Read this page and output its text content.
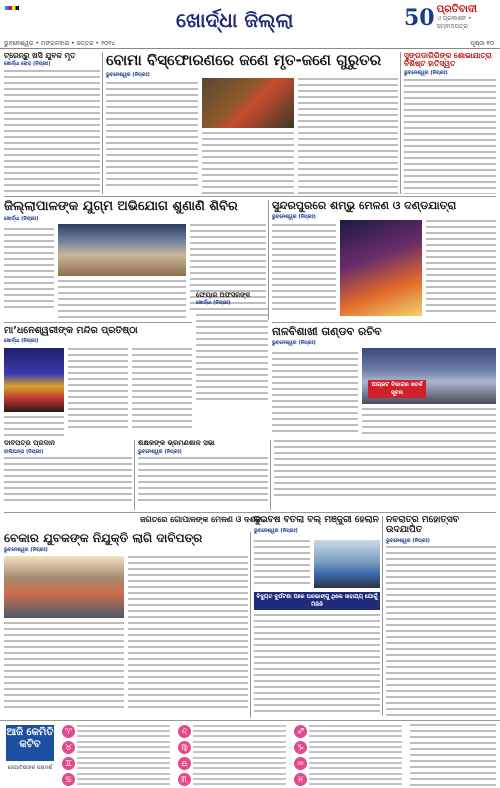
ଖୋର୍ଦ୍ଧା ଜିଲ୍ଲା	50 ପ୍ରତିବାଦୀ
ଏ ପ୍ରକାଶନ • ସମ୍ବାଦପତ୍ର
ଭୁବନେଶ୍ୱର • ମଙ୍ଗଳବାର • ସତ୍ତର • ୨୦୨୪	ପୃଷ୍ଠା ୧୦
ଟ୍ରେନ୍‌ରୁ ଖସି ଯୁବକ ମୃତ
ଖୋର୍ଦ୍ଧା ରୋଡ଼ (ନିପ୍ରଃ)	ବୋମା ବିସ୍ଫୋରଣରେ ଜଣେ ମୃତ-ଜଣେ ଗୁରୁତର
ଭୁବନେଶ୍ୱର (ନିପ୍ରଃ)
ସୁଙ୍ଗଡାଗିରିଙ୍କ ଶୋଭାଯାତ୍ରା ବିଶିଷ୍ଟ ହାତିସ୍ୱତ
ଭୁବନେଶ୍ୱର (ନିପ୍ରଃ)
ଜିଲ୍ଲାପାଳଙ୍କ ଯୁଗ୍ମ ଅଭିଯୋଗ ଶୁଣାଣି ଶିବିର
ଖୋର୍ଦ୍ଧା (ନିପ୍ରଃ)
ସୁନ୍ଦରପୁରରେ ଶମ୍ଭୁ ମେଳଣ ଓ ଦଣ୍ଡଯାତ୍ରା
ଭୁବନେଶ୍ୱର (ନିପ୍ରଃ)
ଫେୟାର ଅଫିସରଙ୍କ
ଖୋର୍ଦ୍ଧା (ନିପ୍ରଃ)
ନାଳବିଶାଖୀ ତାଣ୍ଡବ ରଚିବ
ଭୁବନେଶ୍ୱର (ନିପ୍ରଃ)
ପାଗ୍ରଟ ବିଭାଗର ସତର୍କ ସୂଚନା
ମା’ଧନେଶ୍ୱରୀଙ୍କ ମନ୍ଦିର ପ୍ରତିଷ୍ଠା
ଖୋର୍ଦ୍ଧା (ନିପ୍ରଃ)
ଦାବିପତ୍ର ପ୍ରଦାନ
ବାଲିଅନ୍ତା (ନିପ୍ରଃ)
ଶିକ୍ଷକଙ୍କ ଭ୍ରମଣଶାଳ ସଭା
ଭୁବନେଶ୍ୱର (ନିପ୍ରଃ)
ଜଗତରେ ଗୋପାଳଙ୍କ ମେଳଣ ଓ ଦର୍ଶନ
ବେକାର ଯୁବକଙ୍କ ନିଯୁକ୍ତି ଲାଗି ଦାବିପତ୍ର
ଭୁବନେଶ୍ୱର (ନିପ୍ରଃ)
ଦୁଇବର୍ଷ ବିତିଲା ବିଲ୍ ମଞ୍ଜୁରୀ ହେଲାନି
ଭୁବନେଶ୍ୱର (ନିପ୍ରଃ)
ବିଦ୍ୟୁତ ଦୁର୍ଘଟଣା ପରେ ଘରଭାଙ୍ଗୁ ଥିଲେ ସାହାଯ୍ୟ ଯୋଗୁଁ ମିଳିନି
ନବରାତ୍ର ମହୋତ୍ସବ ଉଦଯାପିତ
ଭୁବନେଶ୍ୱର (ନିପ୍ରଃ)
ଆଜି କେମିତି କଟିବ
ଜ୍ୟୋତିଷୀଙ୍କ ପରାମର୍ଶ
♈
♉
♊
♋
♌
♍
♎
♏
♐
♑
♒
♓
